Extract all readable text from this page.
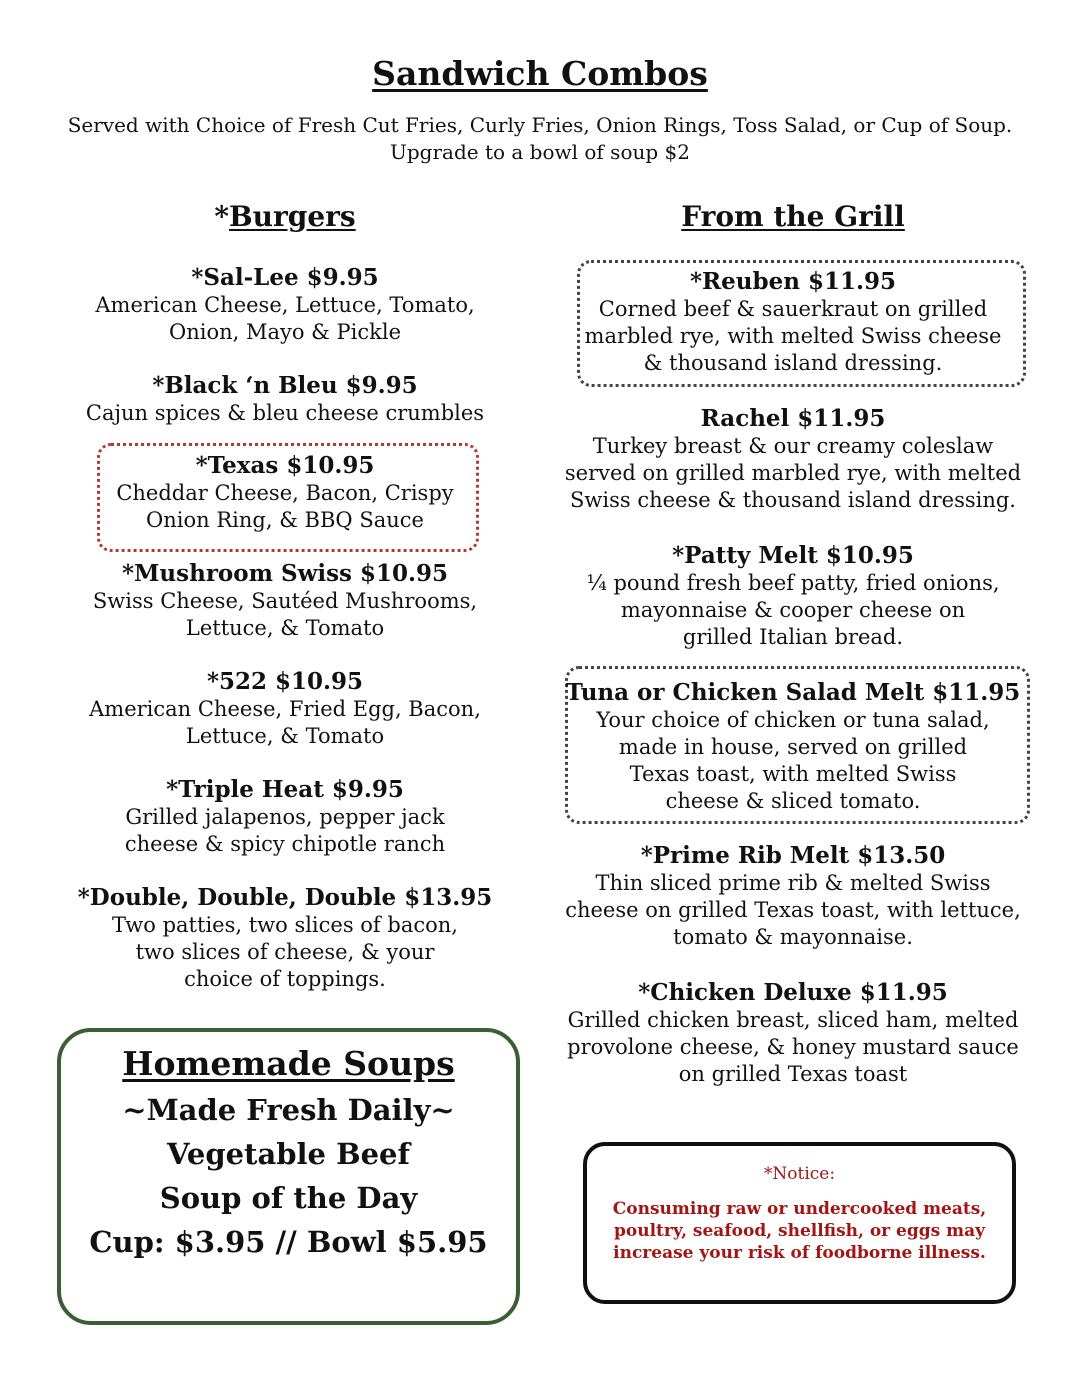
Sandwich Combos
Served with Choice of Fresh Cut Fries, Curly Fries, Onion Rings, Toss Salad, or Cup of Soup.
Upgrade to a bowl of soup $2
*Burgers	From the Grill
*Sal-Lee $9.95
American Cheese, Lettuce, Tomato,
Onion, Mayo & Pickle
*Black ‘n Bleu $9.95
Cajun spices & bleu cheese crumbles
*Texas $10.95
Cheddar Cheese, Bacon, Crispy
Onion Ring, & BBQ Sauce
*Mushroom Swiss $10.95
Swiss Cheese, Sautéed Mushrooms,
Lettuce, & Tomato
*522 $10.95
American Cheese, Fried Egg, Bacon,
Lettuce, & Tomato
*Triple Heat $9.95
Grilled jalapenos, pepper jack
cheese & spicy chipotle ranch
*Double, Double, Double $13.95
Two patties, two slices of bacon,
two slices of cheese, & your
choice of toppings.
*Reuben $11.95
Corned beef & sauerkraut on grilled
marbled rye, with melted Swiss cheese
& thousand island dressing.
Rachel $11.95
Turkey breast & our creamy coleslaw
served on grilled marbled rye, with melted
Swiss cheese & thousand island dressing.
*Patty Melt $10.95
¼ pound fresh beef patty, fried onions,
mayonnaise & cooper cheese on
grilled Italian bread.
Tuna or Chicken Salad Melt $11.95
Your choice of chicken or tuna salad,
made in house, served on grilled
Texas toast, with melted Swiss
cheese & sliced tomato.
*Prime Rib Melt $13.50
Thin sliced prime rib & melted Swiss
cheese on grilled Texas toast, with lettuce,
tomato & mayonnaise.
*Chicken Deluxe $11.95
Grilled chicken breast, sliced ham, melted
provolone cheese, & honey mustard sauce
on grilled Texas toast
Homemade Soups
~Made Fresh Daily~
Vegetable Beef
Soup of the Day
Cup: $3.95 // Bowl $5.95
*Notice:
Consuming raw or undercooked meats,
poultry, seafood, shellfish, or eggs may
increase your risk of foodborne illness.
